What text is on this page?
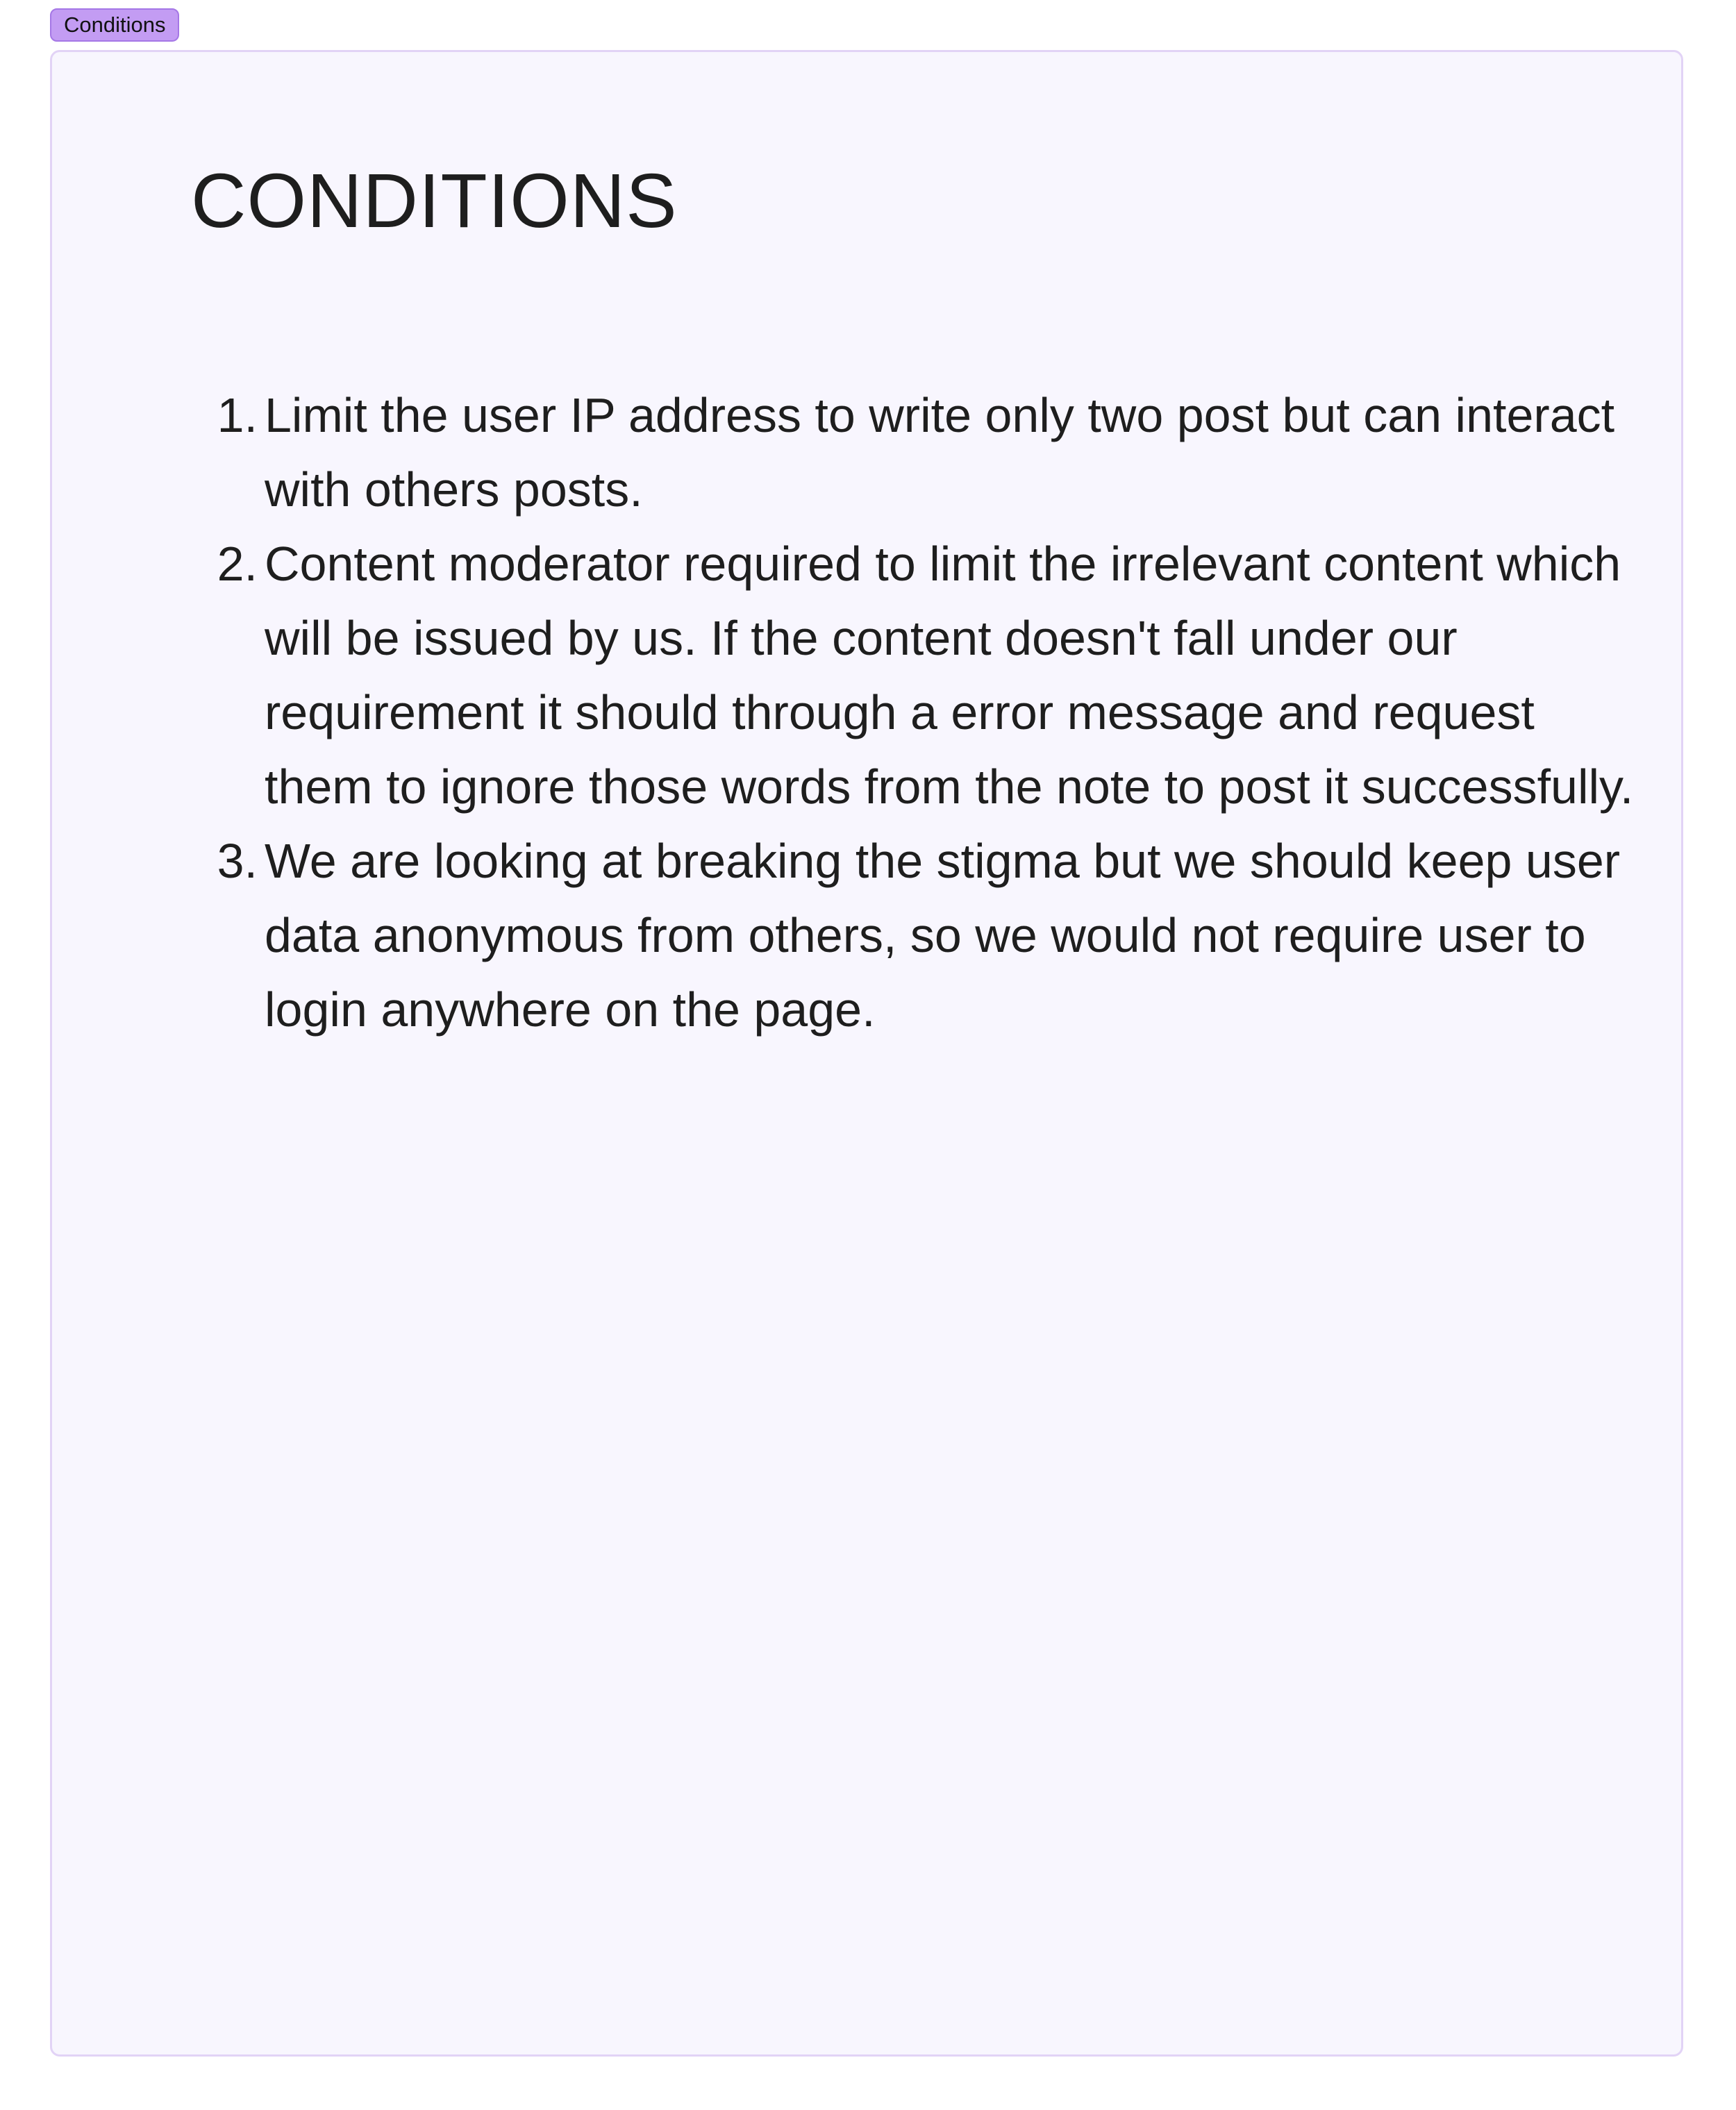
Conditions
CONDITIONS
1. Limit the user IP address to write only two post but can interact with others posts.
2. Content moderator required to limit the irrelevant content which will be issued by us. If the content doesn't fall under our requirement it should through a error message and request them to ignore those words from the note to post it successfully.
3. We are looking at breaking the stigma but we should keep user data anonymous from others, so we would not require user to login anywhere on the page.
